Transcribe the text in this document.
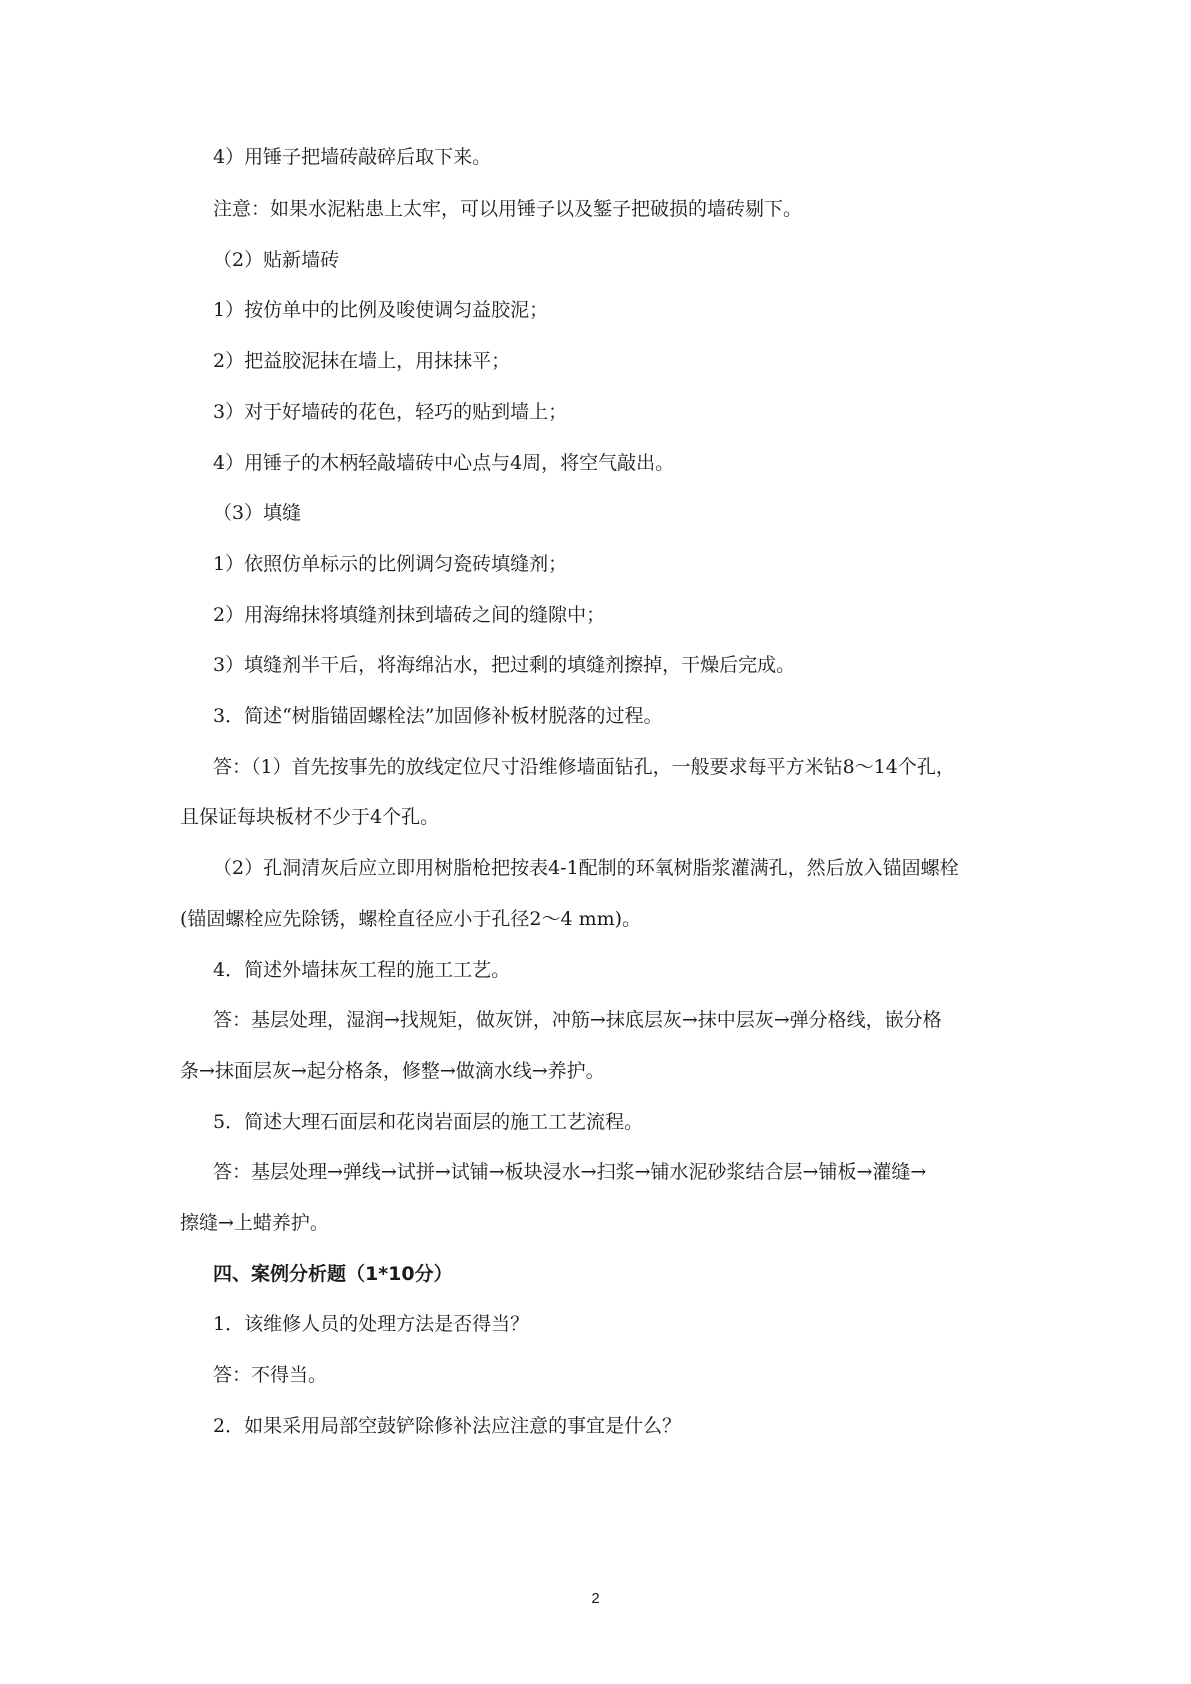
4）用锤子把墙砖敲碎后取下来。
注意：如果水泥粘患上太牢，可以用锤子以及錾子把破损的墙砖剔下。
（2）贴新墙砖
1）按仿单中的比例及唆使调匀益胶泥；
2）把益胶泥抹在墙上，用抹抹平；
3）对于好墙砖的花色，轻巧的贴到墙上；
4）用锤子的木柄轻敲墙砖中心点与4周，将空气敲出。
（3）填缝
1）依照仿单标示的比例调匀瓷砖填缝剂；
2）用海绵抹将填缝剂抹到墙砖之间的缝隙中；
3）填缝剂半干后，将海绵沾水，把过剩的填缝剂擦掉，干燥后完成。
3．简述“树脂锚固螺栓法”加固修补板材脱落的过程。
答：（1）首先按事先的放线定位尺寸沿维修墙面钻孔，一般要求每平方米钻8～14个孔，
且保证每块板材不少于4个孔。
（2）孔洞清灰后应立即用树脂枪把按表4-1配制的环氧树脂浆灌满孔，然后放入锚固螺栓
(锚固螺栓应先除锈，螺栓直径应小于孔径2～4 mm)。
4．简述外墙抹灰工程的施工工艺。
答：基层处理，湿润→找规矩，做灰饼，冲筋→抹底层灰→抹中层灰→弹分格线，嵌分格
条→抹面层灰→起分格条，修整→做滴水线→养护。
5．简述大理石面层和花岗岩面层的施工工艺流程。
答：基层处理→弹线→试拼→试铺→板块浸水→扫浆→铺水泥砂浆结合层→铺板→灌缝→
擦缝→上蜡养护。
四、案例分析题（1*10分）
1．该维修人员的处理方法是否得当？
答：不得当。
2．如果采用局部空鼓铲除修补法应注意的事宜是什么？
2
